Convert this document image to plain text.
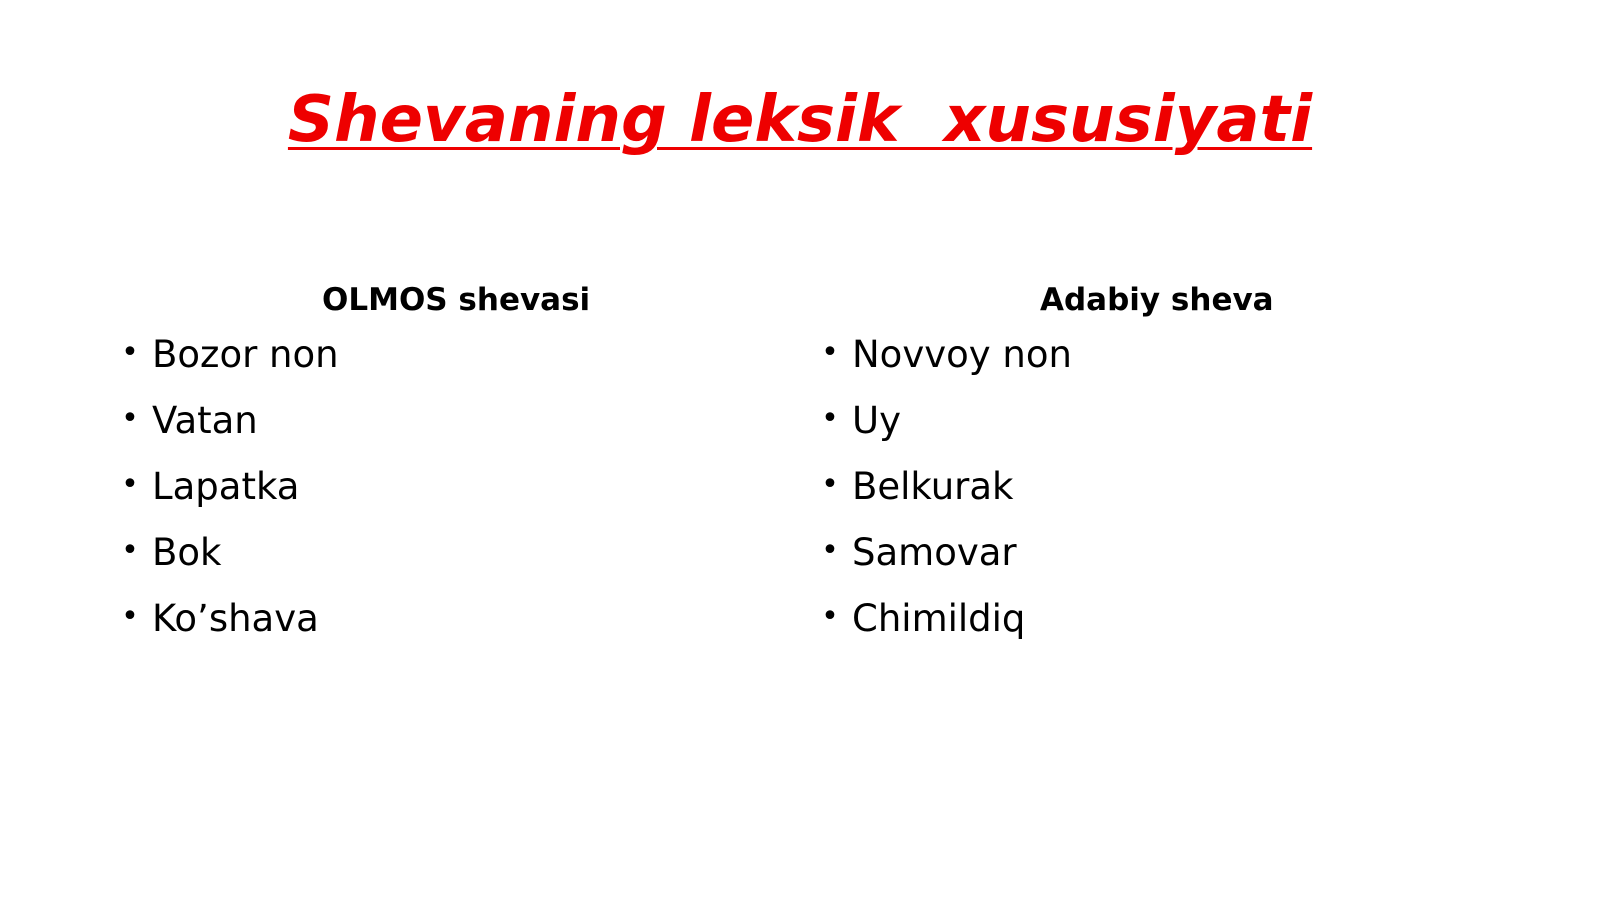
Shevaning leksik  xususiyati
OLMOS shevasi
• Bozor non
• Vatan
• Lapatka
• Bok
• Ko’shava
Adabiy sheva
• Novvoy non
• Uy
• Belkurak
• Samovar
• Chimildiq
